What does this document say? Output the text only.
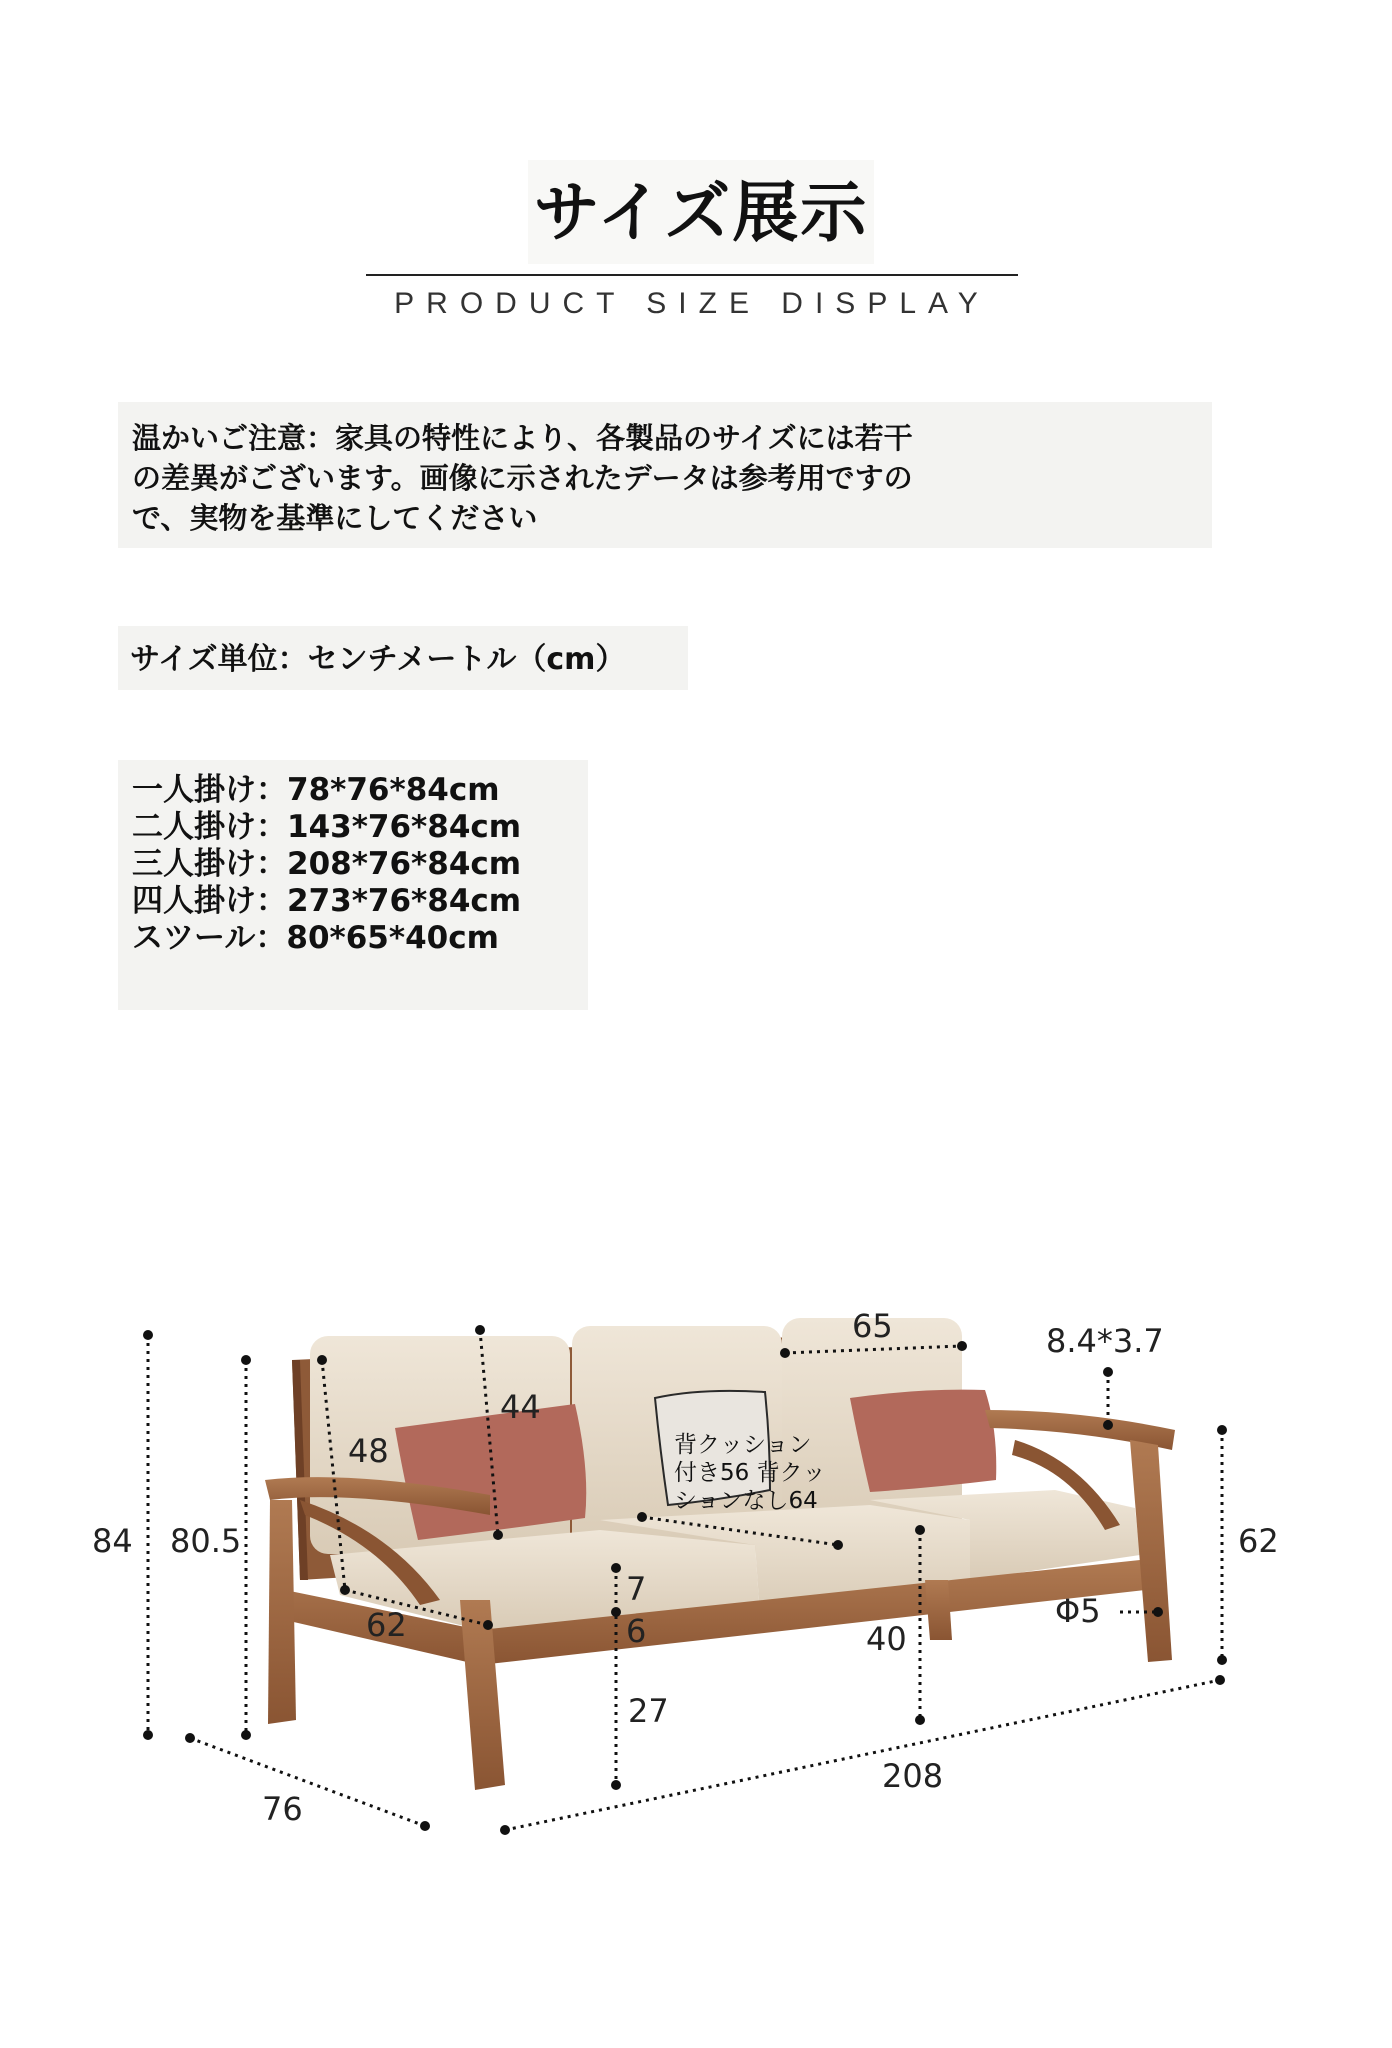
サイズ展示
PRODUCT SIZE DISPLAY
温かいご注意：家具の特性により、各製品のサイズには若干
の差異がございます。画像に示されたデータは参考用ですの
で、実物を基準にしてください
サイズ単位：センチメートル（cm）
一人掛け：78*76*84cm 二人掛け：143*76*84cm 三人掛け：208*76*84cm 四人掛け：273*76*84cm スツール：80*65*40cm
84 80.5
76
208
62
62
48
44
65	8.4*3.7
Φ5
40
7
6
27
背クッション
付き56 背クッ
ションなし64
